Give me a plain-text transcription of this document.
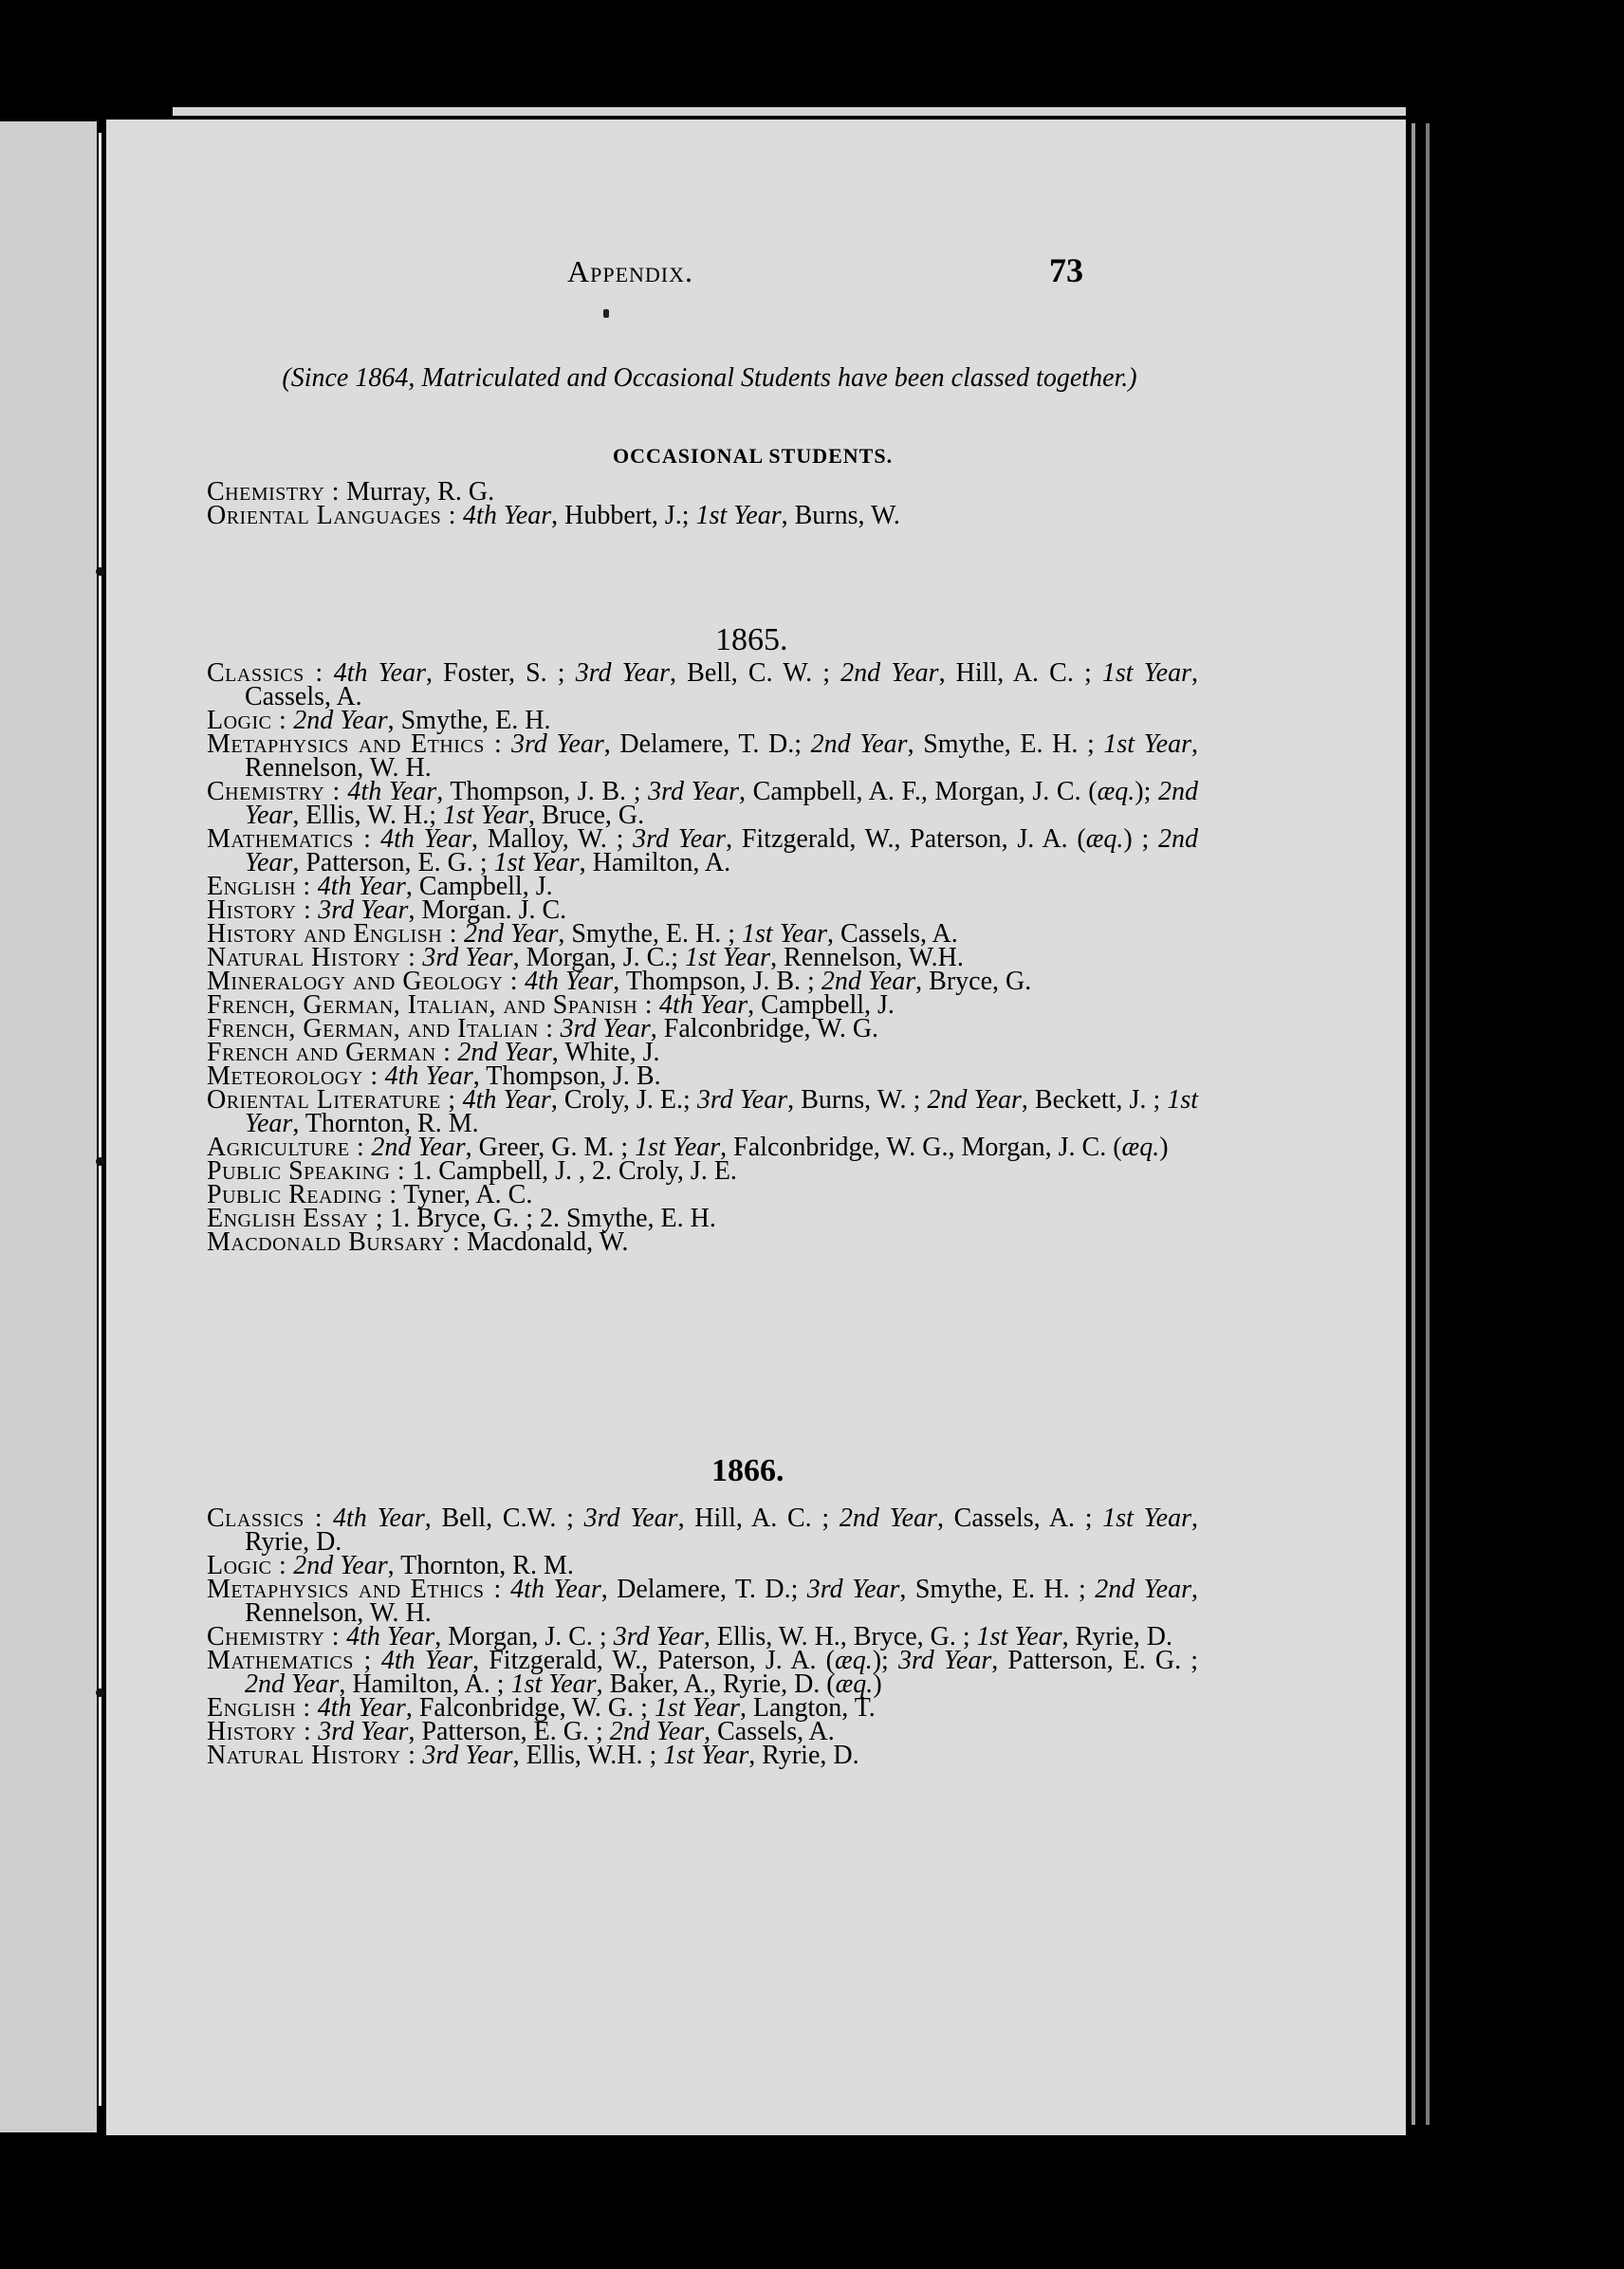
Appendix.	73
OCCASIONAL STUDENTS.

Chemistry : Murray, R. G.

Oriental Languages : 4th Year, Hubbert, J.; 1st Year, Burns, W.

(Since 1864, Matriculated and Occasional Students have been classed together.)
1865.

Classics : 4th Year, Foster, S. ; 3rd Year, Bell, C. W. ; 2nd Year, Hill, A. C. ; 1st Year, Cassels, A.

Logic : 2nd Year, Smythe, E. H.

Metaphysics and Ethics : 3rd Year, Delamere, T. D.; 2nd Year, Smythe, E. H. ; 1st Year, Rennelson, W. H.

Chemistry : 4th Year, Thompson, J. B. ; 3rd Year, Campbell, A. F., Morgan, J. C. (æq.); 2nd Year, Ellis, W. H.; 1st Year, Bruce, G.

Mathematics : 4th Year, Malloy, W. ; 3rd Year, Fitzgerald, W., Paterson, J. A. (æq.) ; 2nd Year, Patterson, E. G. ; 1st Year, Hamilton, A.

English : 4th Year, Campbell, J.

History : 3rd Year, Morgan. J. C.

History and English : 2nd Year, Smythe, E. H. ; 1st Year, Cassels, A.

Natural History : 3rd Year, Morgan, J. C.; 1st Year, Rennelson, W.H.

Mineralogy and Geology : 4th Year, Thompson, J. B. ; 2nd Year, Bryce, G.

French, German, Italian, and Spanish : 4th Year, Campbell, J.

French, German, and Italian : 3rd Year, Falconbridge, W. G.

French and German : 2nd Year, White, J.

Meteorology : 4th Year, Thompson, J. B.

Oriental Literature ; 4th Year, Croly, J. E.; 3rd Year, Burns, W. ; 2nd Year, Beckett, J. ; 1st Year, Thornton, R. M.

Agriculture : 2nd Year, Greer, G. M. ; 1st Year, Falconbridge, W. G., Morgan, J. C. (æq.)

Public Speaking : 1. Campbell, J. , 2. Croly, J. E.

Public Reading : Tyner, A. C.

English Essay ; 1. Bryce, G. ; 2. Smythe, E. H.

Macdonald Bursary : Macdonald, W.

1866.

Classics : 4th Year, Bell, C.W. ; 3rd Year, Hill, A. C. ; 2nd Year, Cassels, A. ; 1st Year, Ryrie, D.

Logic : 2nd Year, Thornton, R. M.

Metaphysics and Ethics : 4th Year, Delamere, T. D.; 3rd Year, Smythe, E. H. ; 2nd Year, Rennelson, W. H.

Chemistry : 4th Year, Morgan, J. C. ; 3rd Year, Ellis, W. H., Bryce, G. ; 1st Year, Ryrie, D.

Mathematics ; 4th Year, Fitzgerald, W., Paterson, J. A. (æq.); 3rd Year, Patterson, E. G. ; 2nd Year, Hamilton, A. ; 1st Year, Baker, A., Ryrie, D. (æq.)

English : 4th Year, Falconbridge, W. G. ; 1st Year, Langton, T.

History : 3rd Year, Patterson, E. G. ; 2nd Year, Cassels, A.

Natural History : 3rd Year, Ellis, W.H. ; 1st Year, Ryrie, D.
